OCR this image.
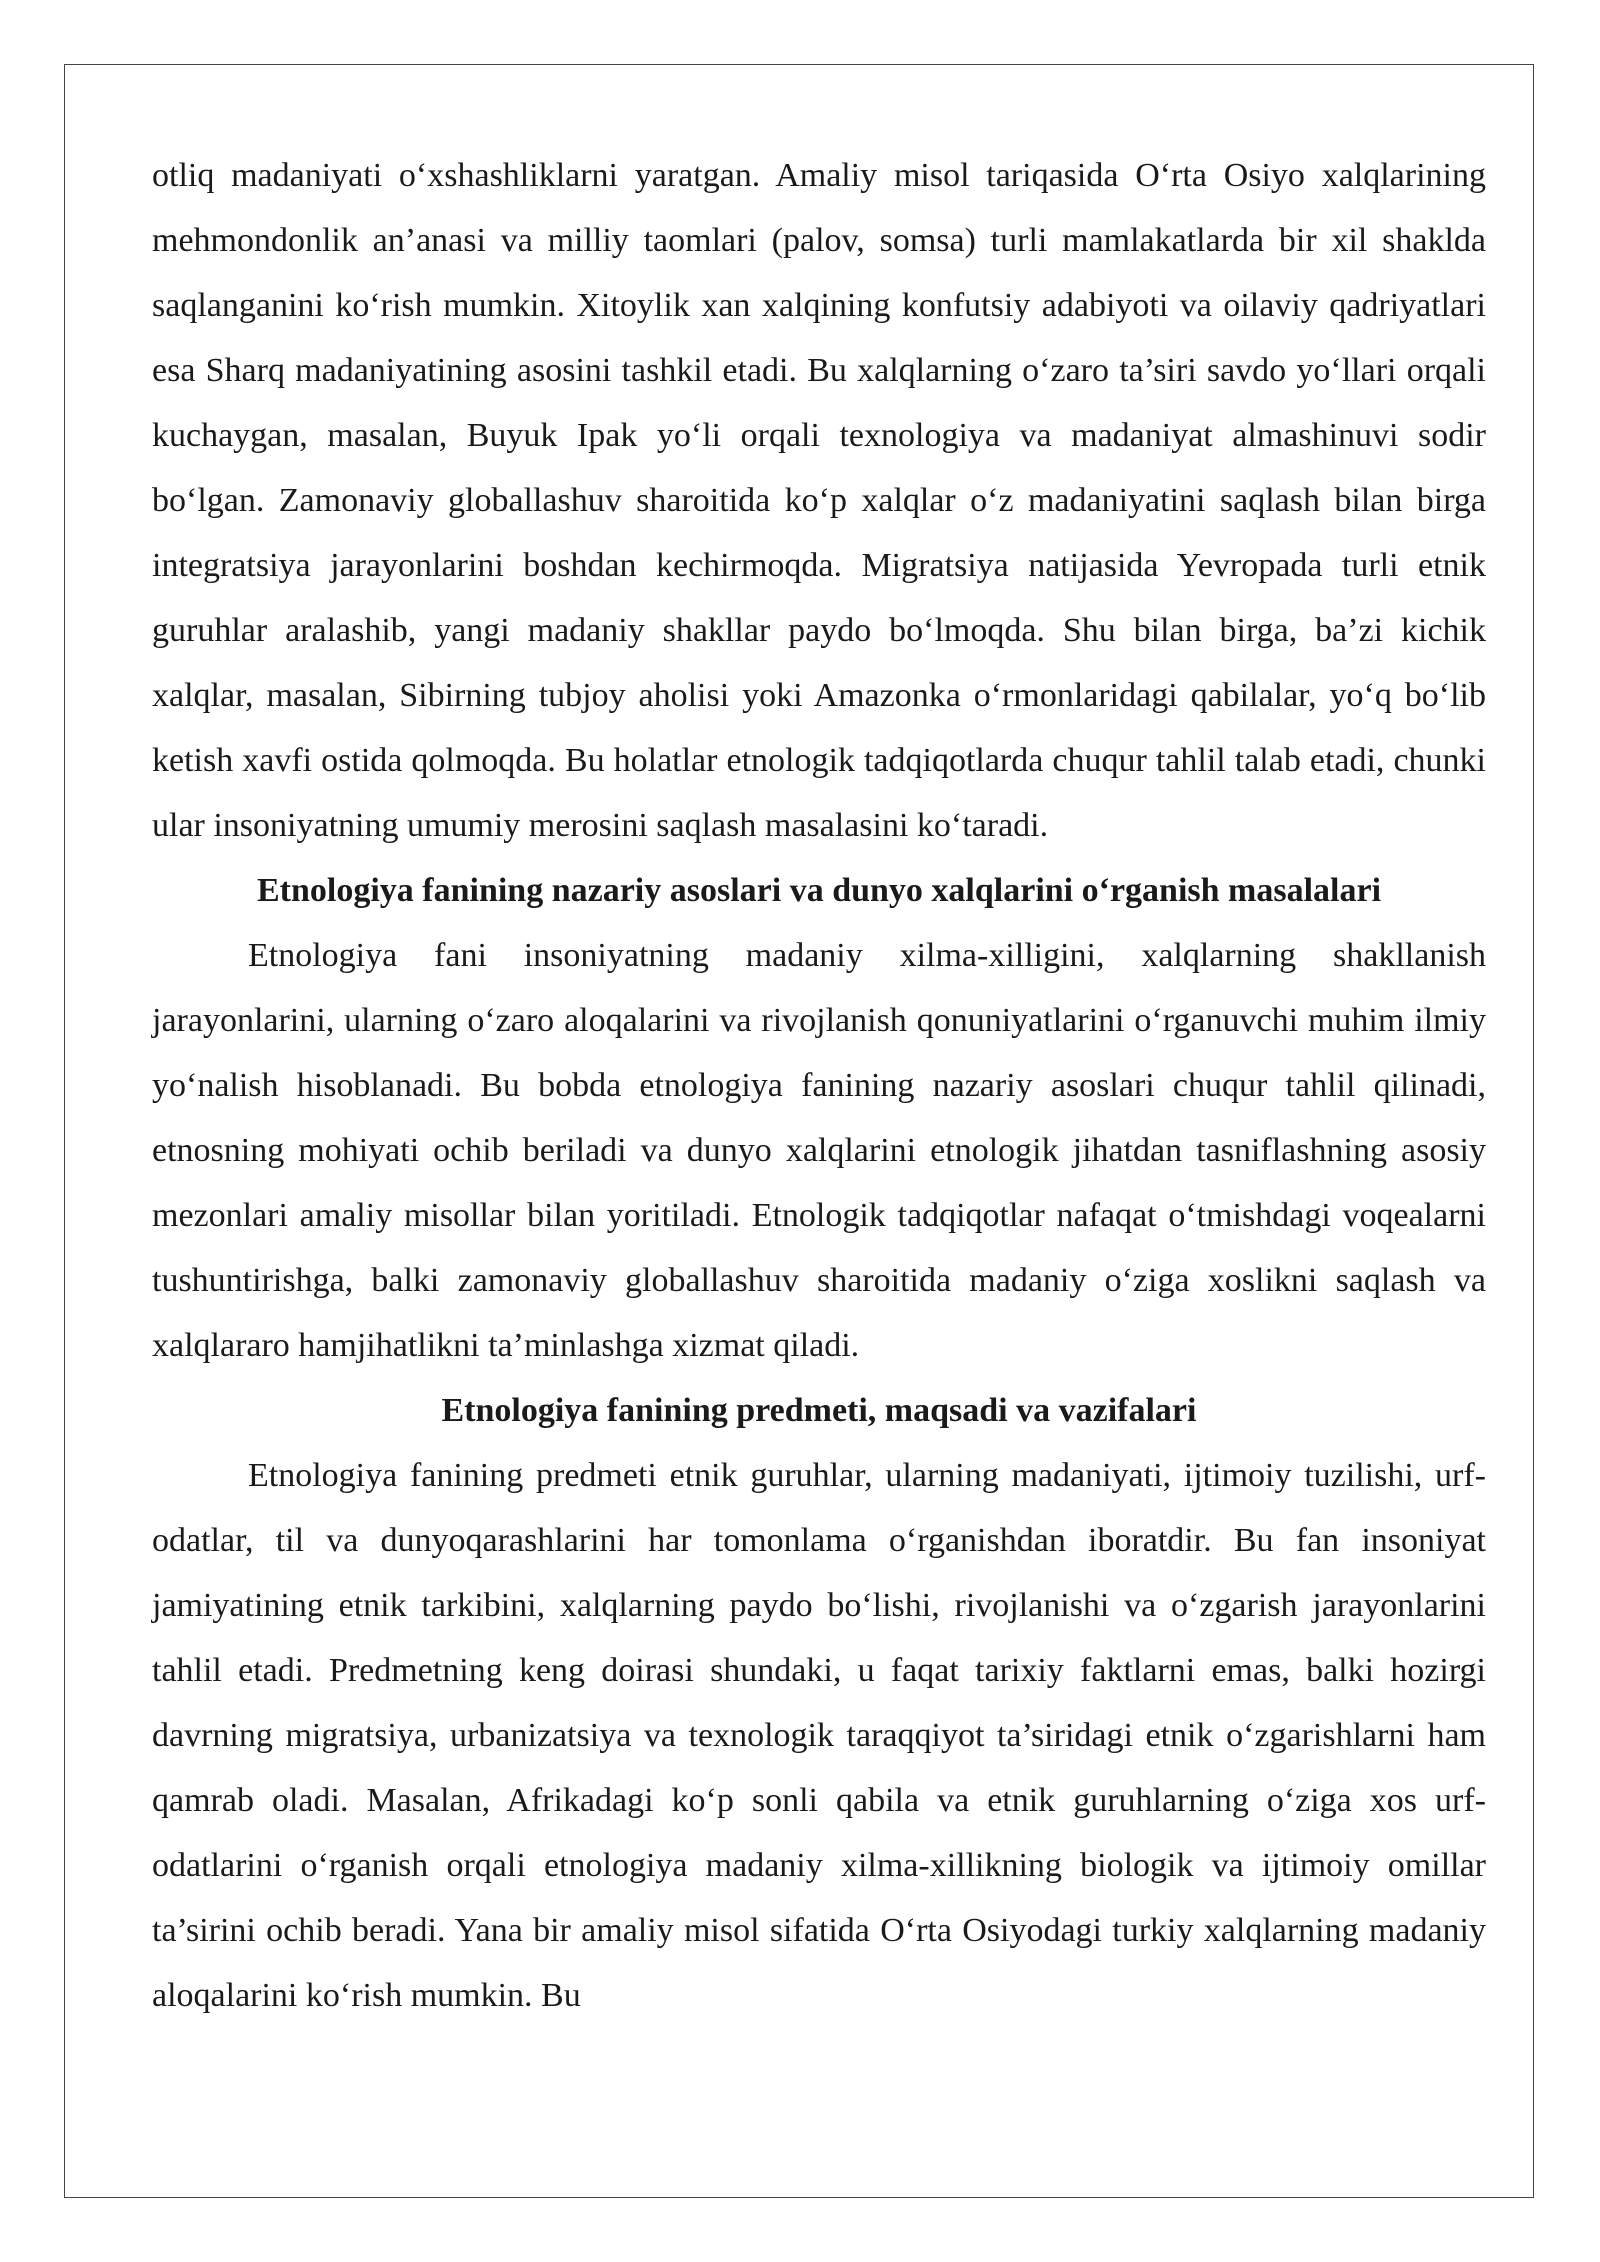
otliq madaniyati o‘xshashliklarni yaratgan. Amaliy misol tariqasida O‘rta Osiyo xalqlarining mehmondonlik an’anasi va milliy taomlari (palov, somsa) turli mamlakatlarda bir xil shaklda saqlanganini ko‘rish mumkin. Xitoylik xan xalqining konfutsiy adabiyoti va oilaviy qadriyatlari esa Sharq madaniyatining asosini tashkil etadi. Bu xalqlarning o‘zaro ta’siri savdo yo‘llari orqali kuchaygan, masalan, Buyuk Ipak yo‘li orqali texnologiya va madaniyat almashinuvi sodir bo‘lgan. Zamonaviy globallashuv sharoitida ko‘p xalqlar o‘z madaniyatini saqlash bilan birga integratsiya jarayonlarini boshdan kechirmoqda. Migratsiya natijasida Yevropada turli etnik guruhlar aralashib, yangi madaniy shakllar paydo bo‘lmoqda. Shu bilan birga, ba’zi kichik xalqlar, masalan, Sibirning tubjoy aholisi yoki Amazonka o‘rmonlaridagi qabilalar, yo‘q bo‘lib ketish xavfi ostida qolmoqda. Bu holatlar etnologik tadqiqotlarda chuqur tahlil talab etadi, chunki ular insoniyatning umumiy merosini saqlash masalasini ko‘taradi.

Etnologiya fanining nazariy asoslari va dunyo xalqlarini o‘rganish masalalari

Etnologiya fani insoniyatning madaniy xilma-xilligini, xalqlarning shakllanish jarayonlarini, ularning o‘zaro aloqalarini va rivojlanish qonuniyatlarini o‘rganuvchi muhim ilmiy yo‘nalish hisoblanadi. Bu bobda etnologiya fanining nazariy asoslari chuqur tahlil qilinadi, etnosning mohiyati ochib beriladi va dunyo xalqlarini etnologik jihatdan tasniflashning asosiy mezonlari amaliy misollar bilan yoritiladi. Etnologik tadqiqotlar nafaqat o‘tmishdagi voqealarni tushuntirishga, balki zamonaviy globallashuv sharoitida madaniy o‘ziga xoslikni saqlash va xalqlararo hamjihatlikni ta’minlashga xizmat qiladi.

Etnologiya fanining predmeti, maqsadi va vazifalari

Etnologiya fanining predmeti etnik guruhlar, ularning madaniyati, ijtimoiy tuzilishi, urf-odatlar, til va dunyoqarashlarini har tomonlama o‘rganishdan iboratdir. Bu fan insoniyat jamiyatining etnik tarkibini, xalqlarning paydo bo‘lishi, rivojlanishi va o‘zgarish jarayonlarini tahlil etadi. Predmetning keng doirasi shundaki, u faqat tarixiy faktlarni emas, balki hozirgi davrning migratsiya, urbanizatsiya va texnologik taraqqiyot ta’siridagi etnik o‘zgarishlarni ham qamrab oladi. Masalan, Afrikadagi ko‘p sonli qabila va etnik guruhlarning o‘ziga xos urf-odatlarini o‘rganish orqali etnologiya madaniy xilma-xillikning biologik va ijtimoiy omillar ta’sirini ochib beradi. Yana bir amaliy misol sifatida O‘rta Osiyodagi turkiy xalqlarning madaniy aloqalarini ko‘rish mumkin. Bu
